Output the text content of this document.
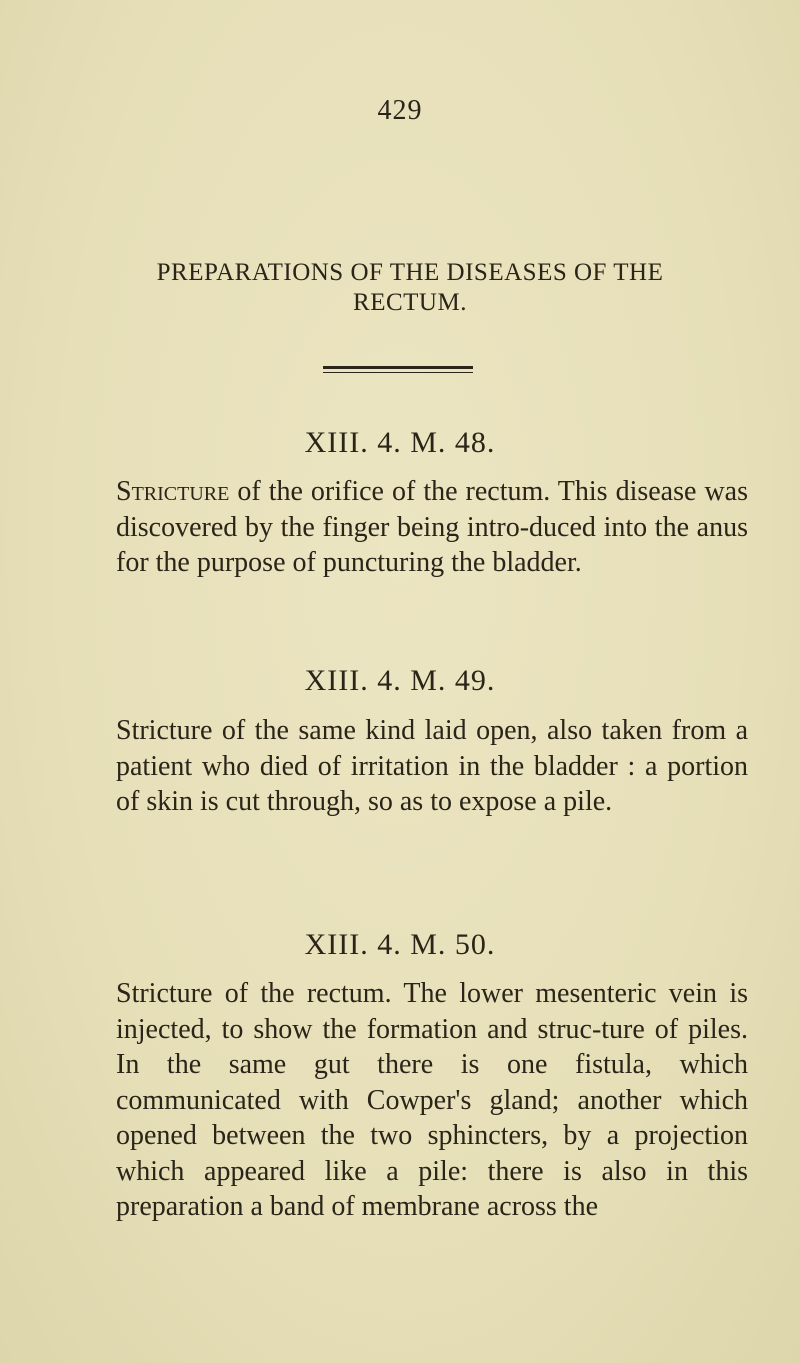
429
PREPARATIONS OF THE DISEASES OF THE RECTUM.
XIII. 4. M. 48.

Stricture of the orifice of the rectum. This disease was discovered by the finger being intro-duced into the anus for the purpose of puncturing the bladder.

XIII. 4. M. 49.

Stricture of the same kind laid open, also taken from a patient who died of irritation in the bladder : a portion of skin is cut through, so as to expose a pile.

XIII. 4. M. 50.

Stricture of the rectum. The lower mesenteric vein is injected, to show the formation and struc-ture of piles. In the same gut there is one fistula, which communicated with Cowper's gland; another which opened between the two sphincters, by a projection which appeared like a pile: there is also in this preparation a band of membrane across the
